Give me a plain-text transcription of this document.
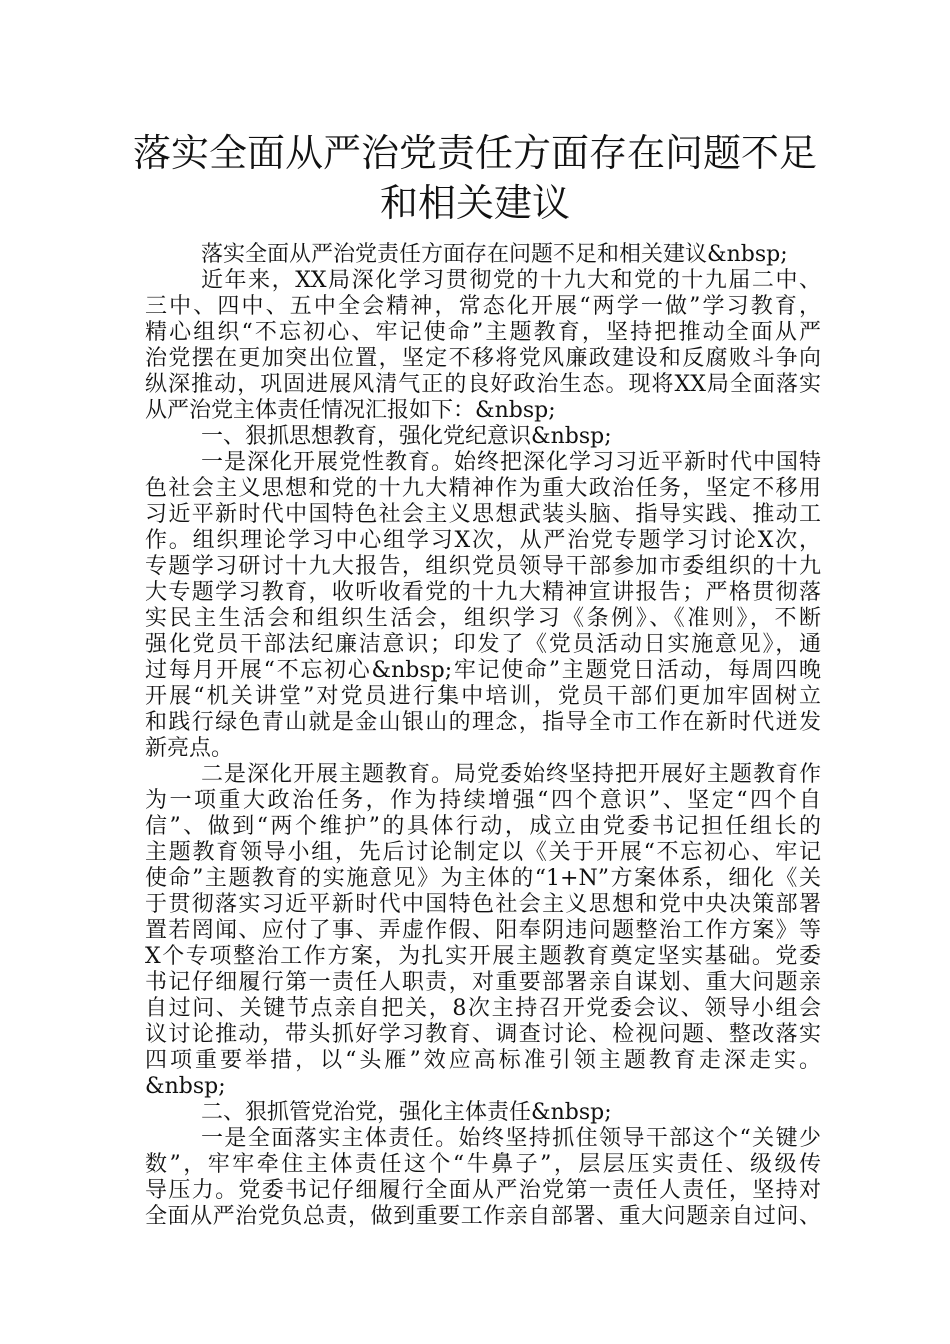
落实全面从严治党责任方面存在问题不足
和相关建议
落实全面从严治党责任方面存在问题不足和相关建议&nbsp;
近年来，XX局深化学习贯彻党的十九大和党的十九届二中、
三中、四中、五中全会精神，常态化开展“两学一做”学习教育，
精心组织“不忘初心、牢记使命”主题教育，坚持把推动全面从严
治党摆在更加突出位置，坚定不移将党风廉政建设和反腐败斗争向
纵深推动，巩固进展风清气正的良好政治生态。现将XX局全面落实
从严治党主体责任情况汇报如下：&nbsp;
一、狠抓思想教育，强化党纪意识&nbsp;
一是深化开展党性教育。始终把深化学习习近平新时代中国特
色社会主义思想和党的十九大精神作为重大政治任务，坚定不移用
习近平新时代中国特色社会主义思想武装头脑、指导实践、推动工
作。组织理论学习中心组学习X次，从严治党专题学习讨论X次，
专题学习研讨十九大报告，组织党员领导干部参加市委组织的十九
大专题学习教育，收听收看党的十九大精神宣讲报告；严格贯彻落
实民主生活会和组织生活会，组织学习《条例》、《准则》，不断
强化党员干部法纪廉洁意识；印发了《党员活动日实施意见》，通
过每月开展“不忘初心&nbsp;牢记使命”主题党日活动，每周四晚
开展“机关讲堂”对党员进行集中培训，党员干部们更加牢固树立
和践行绿色青山就是金山银山的理念，指导全市工作在新时代迸发
新亮点。
二是深化开展主题教育。局党委始终坚持把开展好主题教育作
为一项重大政治任务，作为持续增强“四个意识”、坚定“四个自
信”、做到“两个维护”的具体行动，成立由党委书记担任组长的
主题教育领导小组，先后讨论制定以《关于开展“不忘初心、牢记
使命”主题教育的实施意见》为主体的“1+N”方案体系，细化《关
于贯彻落实习近平新时代中国特色社会主义思想和党中央决策部署
置若罔闻、应付了事、弄虚作假、阳奉阴违问题整治工作方案》等
X个专项整治工作方案，为扎实开展主题教育奠定坚实基础。党委
书记仔细履行第一责任人职责，对重要部署亲自谋划、重大问题亲
自过问、关键节点亲自把关，8次主持召开党委会议、领导小组会
议讨论推动，带头抓好学习教育、调查讨论、检视问题、整改落实
四项重要举措，以“头雁”效应高标准引领主题教育走深走实。
&nbsp;
二、狠抓管党治党，强化主体责任&nbsp;
一是全面落实主体责任。始终坚持抓住领导干部这个“关键少
数”，牢牢牵住主体责任这个“牛鼻子”，层层压实责任、级级传
导压力。党委书记仔细履行全面从严治党第一责任人责任，坚持对
全面从严治党负总责，做到重要工作亲自部署、重大问题亲自过问、
